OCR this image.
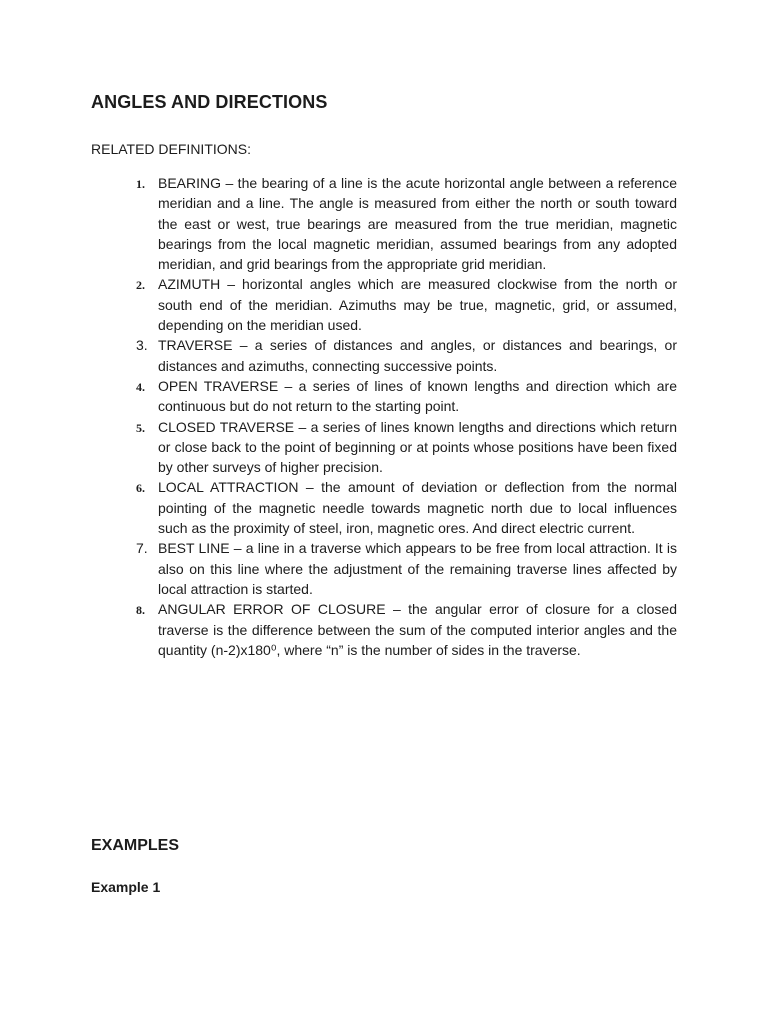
ANGLES AND DIRECTIONS

RELATED DEFINITIONS:

1. BEARING – the bearing of a line is the acute horizontal angle between a reference meridian and a line. The angle is measured from either the north or south toward the east or west, true bearings are measured from the true meridian, magnetic bearings from the local magnetic meridian, assumed bearings from any adopted meridian, and grid bearings from the appropriate grid meridian.
2. AZIMUTH – horizontal angles which are measured clockwise from the north or south end of the meridian. Azimuths may be true, magnetic, grid, or assumed, depending on the meridian used.
3. TRAVERSE – a series of distances and angles, or distances and bearings, or distances and azimuths, connecting successive points.
4. OPEN TRAVERSE – a series of lines of known lengths and direction which are continuous but do not return to the starting point.
5. CLOSED TRAVERSE – a series of lines known lengths and directions which return or close back to the point of beginning or at points whose positions have been fixed by other surveys of higher precision.
6. LOCAL ATTRACTION – the amount of deviation or deflection from the normal pointing of the magnetic needle towards magnetic north due to local influences such as the proximity of steel, iron, magnetic ores. And direct electric current.
7. BEST LINE – a line in a traverse which appears to be free from local attraction. It is also on this line where the adjustment of the remaining traverse lines affected by local attraction is started.
8. ANGULAR ERROR OF CLOSURE – the angular error of closure for a closed traverse is the difference between the sum of the computed interior angles and the quantity (n-2)x180⁰, where “n” is the number of sides in the traverse.
EXAMPLES
Example 1
